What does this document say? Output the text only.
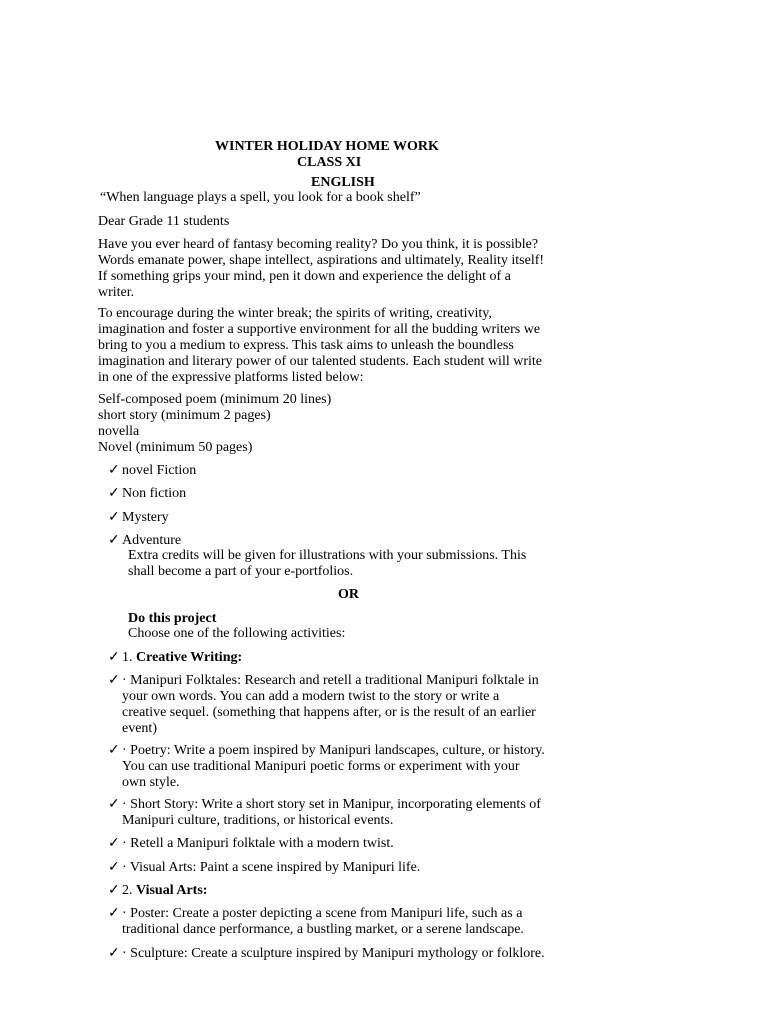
WINTER HOLIDAY HOME WORK
CLASS XI
ENGLISH
“When language plays a spell, you look for a book shelf”
Dear Grade 11 students
Have you ever heard of fantasy becoming reality? Do you think, it is possible?
Words emanate power, shape intellect, aspirations and ultimately, Reality itself!
If something grips your mind, pen it down and experience the delight of a
writer.
To encourage during the winter break; the spirits of writing, creativity,
imagination and foster a supportive environment for all the budding writers we
bring to you a medium to express. This task aims to unleash the boundless
imagination and literary power of our talented students. Each student will write
in one of the expressive platforms listed below:
Self-composed poem (minimum 20 lines)
short story (minimum 2 pages)
novella
Novel (minimum 50 pages)
✓ novel Fiction
✓ Non fiction
✓ Mystery
✓ Adventure
Extra credits will be given for illustrations with your submissions. This
shall become a part of your e-portfolios.
OR
Do this project
Choose one of the following activities:
✓ 1. Creative Writing:
✓ · Manipuri Folktales: Research and retell a traditional Manipuri folktale in
your own words. You can add a modern twist to the story or write a
creative sequel. (something that happens after, or is the result of an earlier
event)
✓ · Poetry: Write a poem inspired by Manipuri landscapes, culture, or history.
You can use traditional Manipuri poetic forms or experiment with your
own style.
✓ · Short Story: Write a short story set in Manipur, incorporating elements of
Manipuri culture, traditions, or historical events.
✓ · Retell a Manipuri folktale with a modern twist.
✓ · Visual Arts: Paint a scene inspired by Manipuri life.
✓ 2. Visual Arts:
✓ · Poster: Create a poster depicting a scene from Manipuri life, such as a
traditional dance performance, a bustling market, or a serene landscape.
✓ · Sculpture: Create a sculpture inspired by Manipuri mythology or folklore.
